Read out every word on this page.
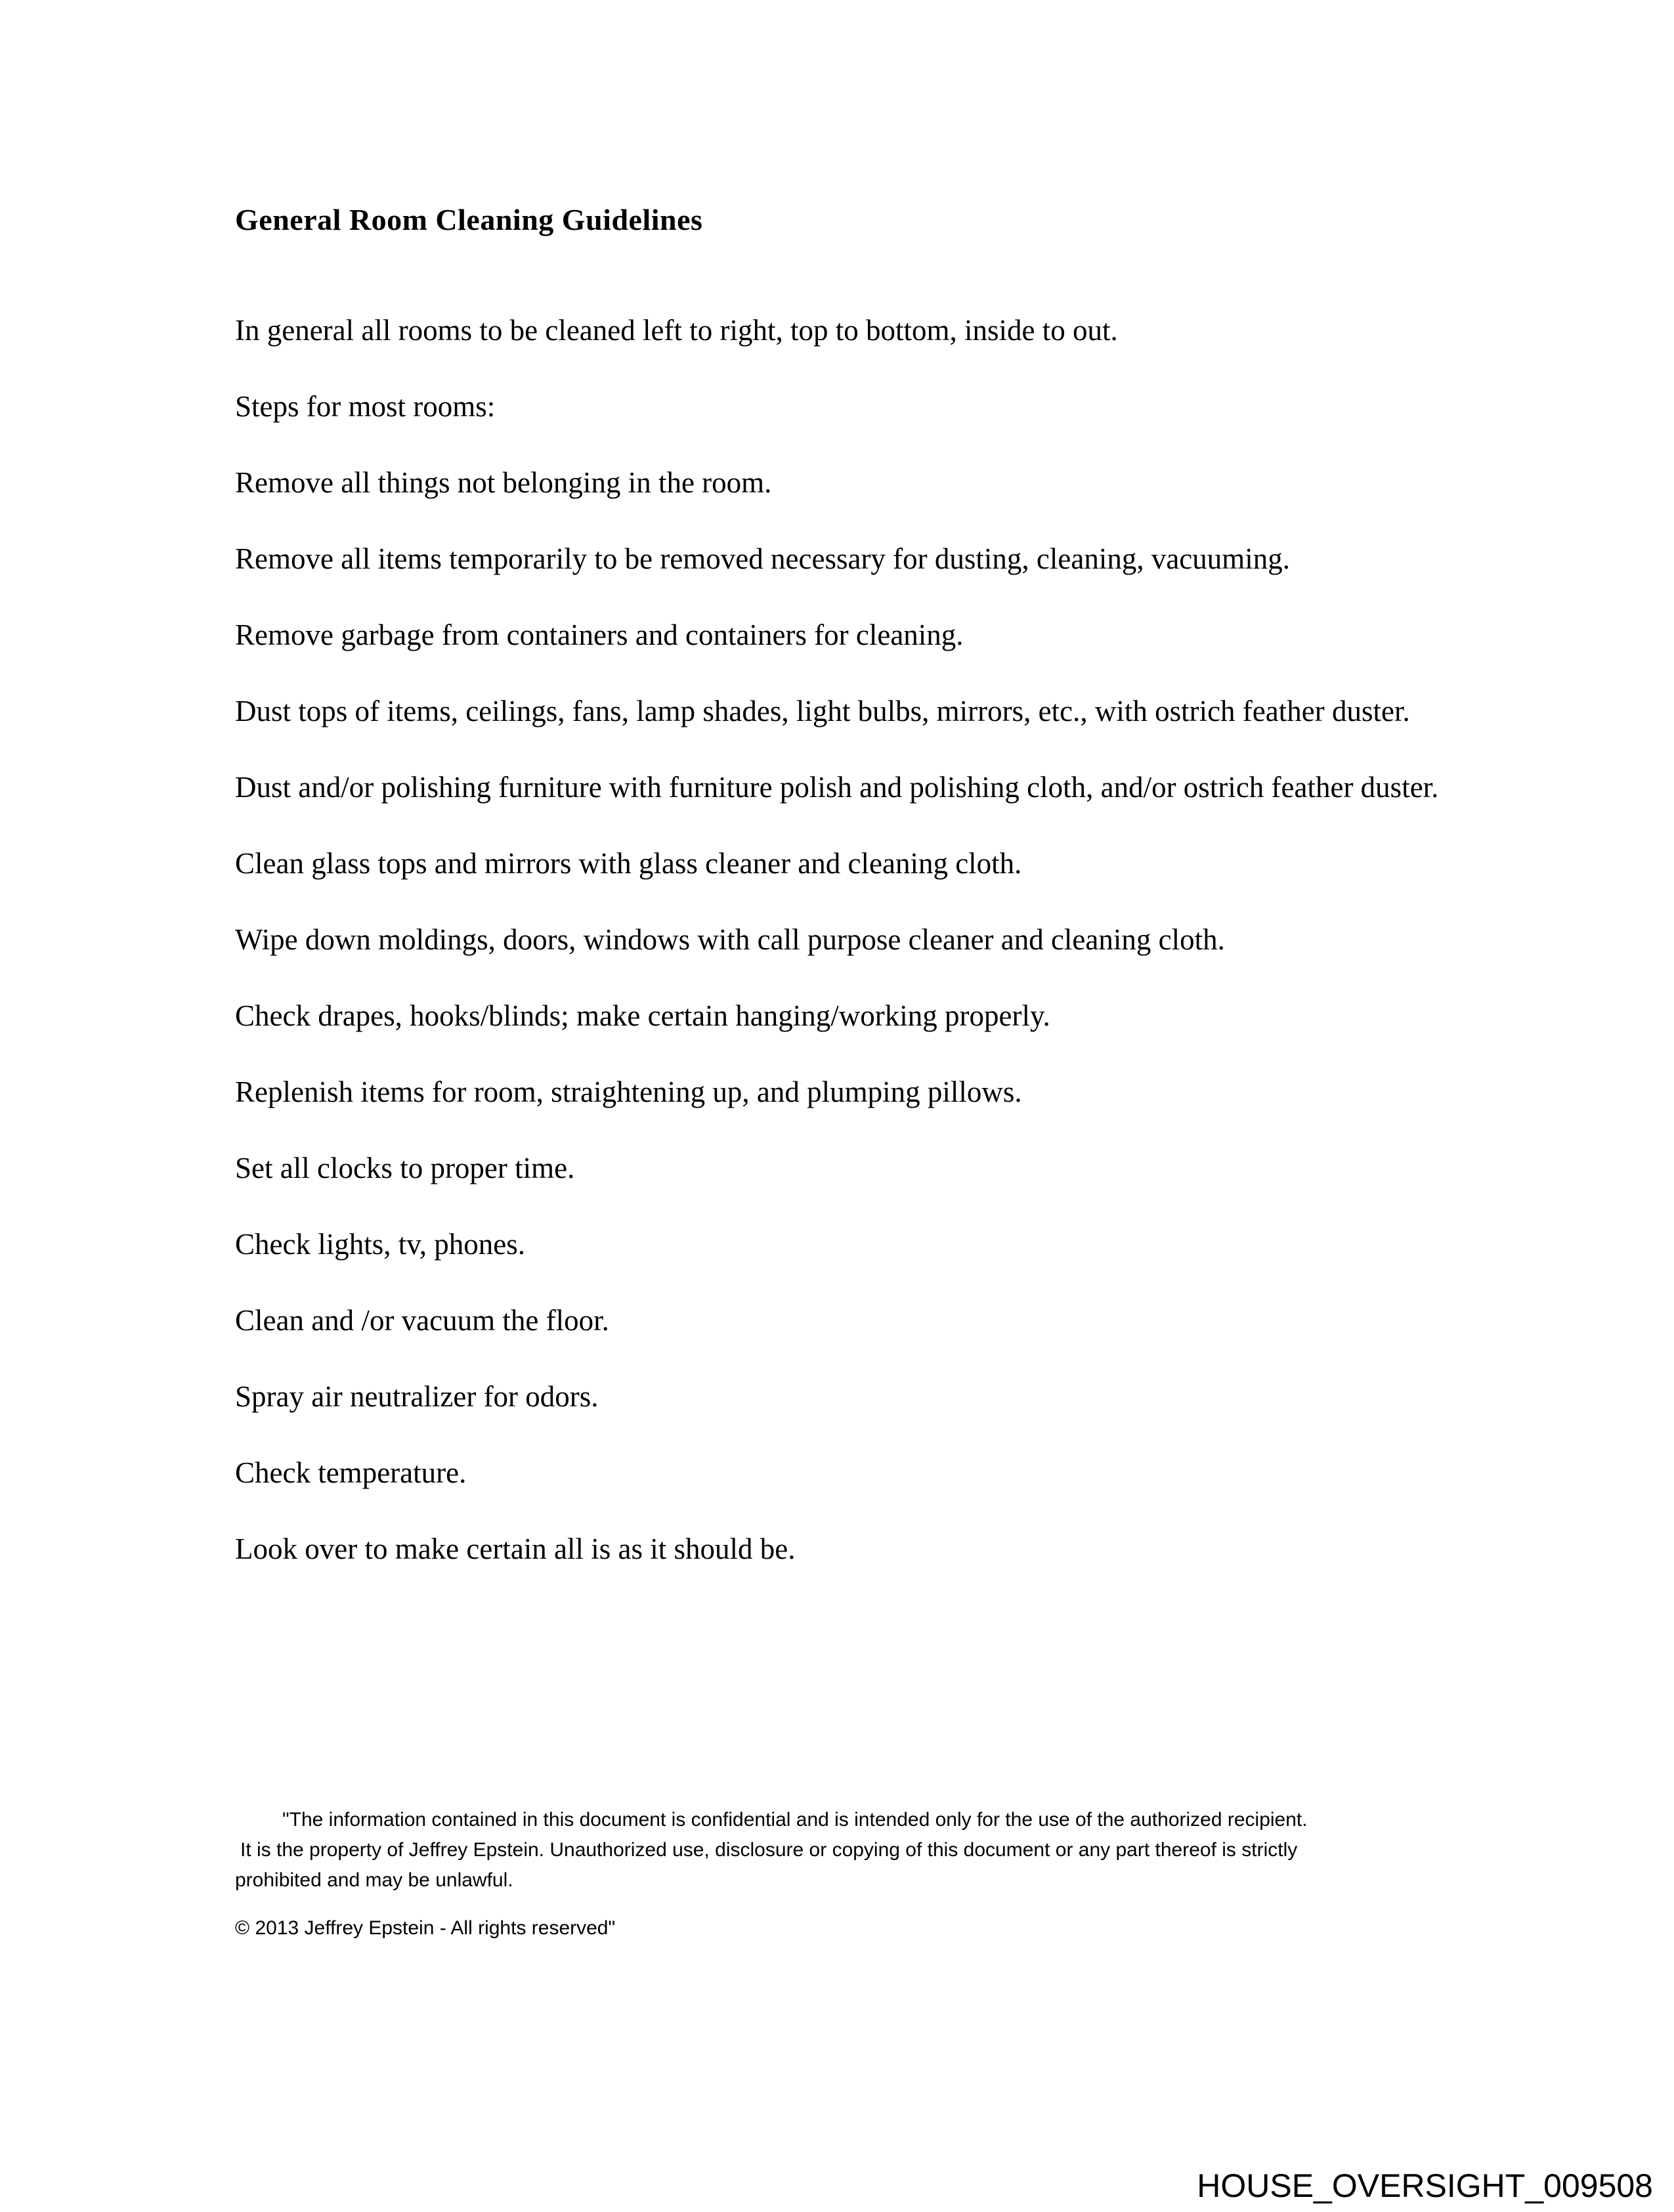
General Room Cleaning Guidelines
In general all rooms to be cleaned left to right, top to bottom, inside to out.
Steps for most rooms:
Remove all things not belonging in the room.
Remove all items temporarily to be removed necessary for dusting, cleaning, vacuuming.
Remove garbage from containers and containers for cleaning.
Dust tops of items, ceilings, fans, lamp shades, light bulbs, mirrors, etc., with ostrich feather duster.
Dust and/or polishing furniture with furniture polish and polishing cloth, and/or ostrich feather duster.
Clean glass tops and mirrors with glass cleaner and cleaning cloth.
Wipe down moldings, doors, windows with call purpose cleaner and cleaning cloth.
Check drapes, hooks/blinds; make certain hanging/working properly.
Replenish items for room, straightening up, and plumping pillows.
Set all clocks to proper time.
Check lights, tv, phones.
Clean and /or vacuum the floor.
Spray air neutralizer for odors.
Check temperature.
Look over to make certain all is as it should be.
"The information contained in this document is confidential and is intended only for the use of the authorized recipient.
It is the property of Jeffrey Epstein. Unauthorized use, disclosure or copying of this document or any part thereof is strictly
prohibited and may be unlawful.
© 2013 Jeffrey Epstein - All rights reserved"
HOUSE_OVERSIGHT_009508
